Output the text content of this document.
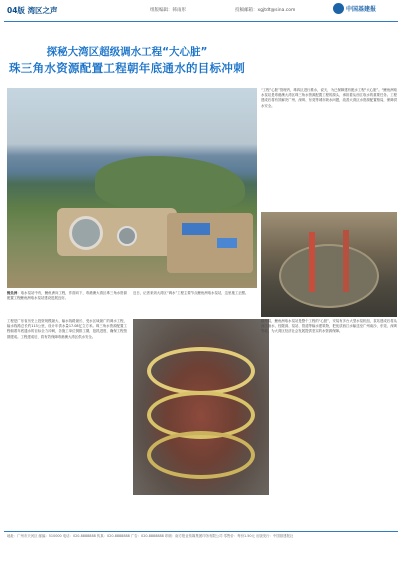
04版 湾区之声	组版编辑：韩雨彤	投稿邮箱：xgjtdt@sina.com	中国基建报
探秘大湾区超级调水工程“大心脏”
珠三角水资源配置工程朝年底通水的目标冲刺
“工程”心脏”管理内，珠四区进行推水，说天，为已保障建有配水工程“大心脏”。“鲤鱼洲取水泵站是粤港澳大湾区珠三角水资源配置工程的源头，承担着从西江取水的重要任务。工程建成后将有效解决广州、深圳、东莞等城市缺水问题，改善大湾区水资源配置格局，保障供水安全。
鲤鱼洲：取水泵站中有，鲤鱼洲向工程，作面向下，粤港澳大湾区珠三角水资源配置工程鲤鱼洲取水泵站建设进展良好。
近日，记者来到大湾区“调水”工程主要节点鲤鱼洲取水泵站，这里施工正酣。
工程是广东省历史上投资规模最大、输水线路最长、受水区域最广的调水工程，输水线路总长约113公里，设计年供水量17.08亿立方米。珠三角水资源配置工程朝着年底通水的目标全力冲刺，各施工单位倒排工期，抢抓进度，确保工程按期建成。工程建成后，将有效保障粤港澳大湾区供水安全。
据介绍，鲤鱼洲取水泵站是整个工程的“心脏”，安装有多台大型水泵机组，泵站建成后将从西江抽水，经隧洞、泵站、管道等输水建筑物，把优质西江水输送至广州南沙、东莞、深圳等地，为大湾区经济社会发展提供坚实的水资源保障。
地址：广州市天河区 邮编：510000 电话：020-8888888 传真：020-8888888 广告：020-8888888 印刷：南方报业传媒集团印务有限公司 零售价：每份1.50元 出版发行：中国基建报社
